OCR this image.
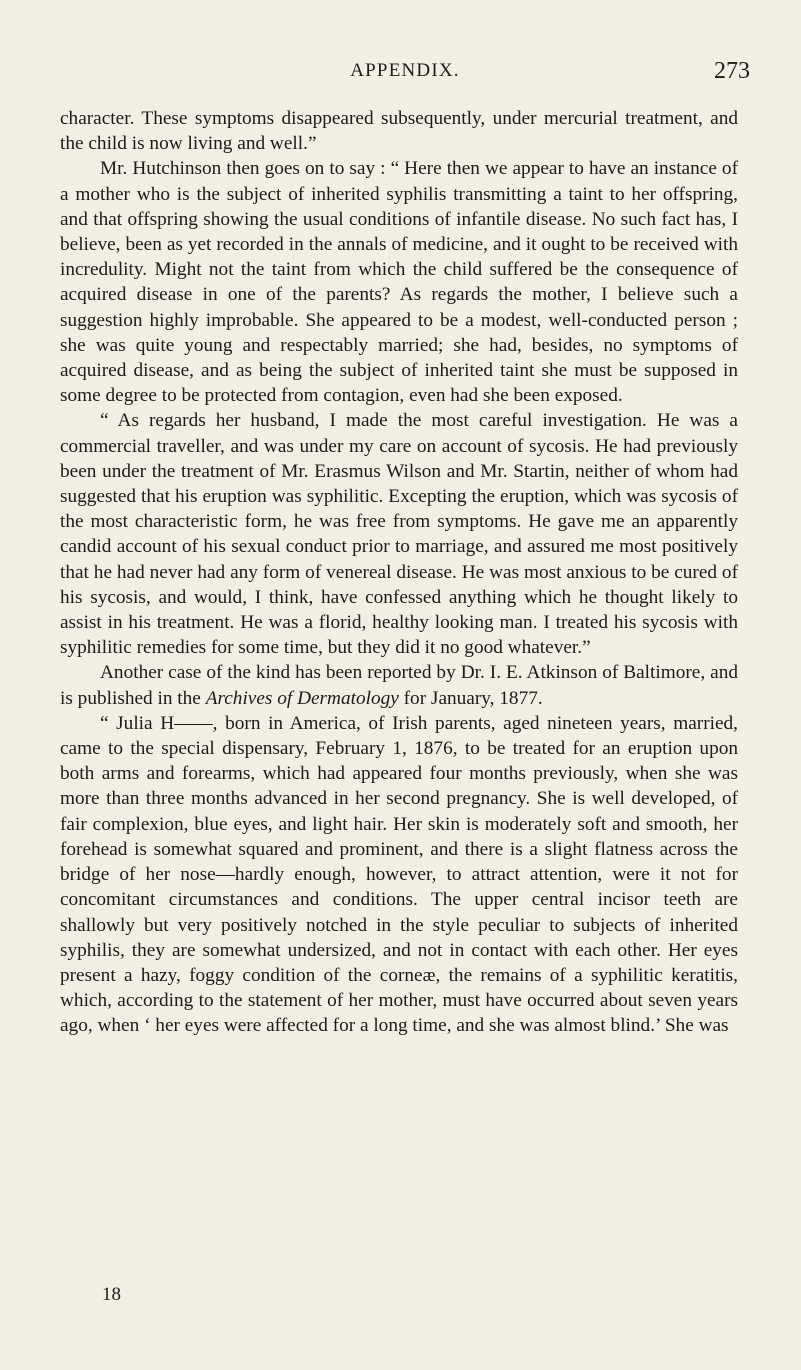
APPENDIX.	273

character. These symptoms disappeared subsequently, under mercurial treatment, and the child is now living and well.”

Mr. Hutchinson then goes on to say : “ Here then we appear to have an instance of a mother who is the subject of inherited syphilis transmitting a taint to her offspring, and that offspring showing the usual conditions of infantile disease. No such fact has, I believe, been as yet recorded in the annals of medicine, and it ought to be received with incredulity. Might not the taint from which the child suffered be the consequence of acquired disease in one of the parents? As regards the mother, I believe such a suggestion highly improbable. She appeared to be a modest, well-conducted person ; she was quite young and respectably married; she had, besides, no symptoms of acquired disease, and as being the subject of inherited taint she must be supposed in some degree to be protected from contagion, even had she been exposed.

“ As regards her husband, I made the most careful investigation. He was a commercial traveller, and was under my care on account of sycosis. He had previously been under the treatment of Mr. Erasmus Wilson and Mr. Startin, neither of whom had suggested that his eruption was syphilitic. Excepting the eruption, which was sycosis of the most characteristic form, he was free from symptoms. He gave me an apparently candid account of his sexual conduct prior to marriage, and assured me most positively that he had never had any form of venereal disease. He was most anxious to be cured of his sycosis, and would, I think, have confessed anything which he thought likely to assist in his treatment. He was a florid, healthy looking man. I treated his sycosis with syphilitic remedies for some time, but they did it no good whatever.”

Another case of the kind has been reported by Dr. I. E. Atkinson of Baltimore, and is published in the Archives of Dermatology for January, 1877.

“ Julia H——, born in America, of Irish parents, aged nineteen years, married, came to the special dispensary, February 1, 1876, to be treated for an eruption upon both arms and forearms, which had appeared four months previously, when she was more than three months advanced in her second pregnancy. She is well developed, of fair complexion, blue eyes, and light hair. Her skin is moderately soft and smooth, her forehead is somewhat squared and prominent, and there is a slight flatness across the bridge of her nose—hardly enough, however, to attract attention, were it not for concomitant circumstances and conditions. The upper central incisor teeth are shallowly but very positively notched in the style peculiar to subjects of inherited syphilis, they are somewhat undersized, and not in contact with each other. Her eyes present a hazy, foggy condition of the corneæ, the remains of a syphilitic keratitis, which, according to the statement of her mother, must have occurred about seven years ago, when ‘ her eyes were affected for a long time, and she was almost blind.’ She was

18
